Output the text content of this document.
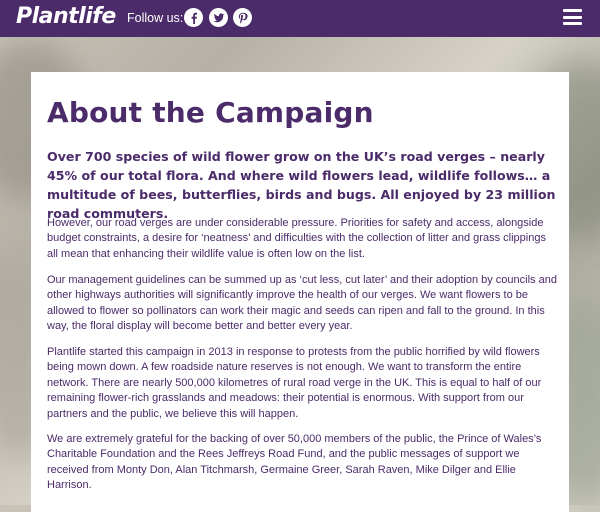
Plantlife Follow us:
About the Campaign

Over 700 species of wild flower grow on the UK’s road verges – nearly 45% of our total flora. And where wild flowers lead, wildlife follows… a multitude of bees, butterflies, birds and bugs. All enjoyed by 23 million road commuters.

However, our road verges are under considerable pressure. Priorities for safety and access, alongside budget constraints, a desire for ‘neatness’ and difficulties with the collection of litter and grass clippings all mean that enhancing their wildlife value is often low on the list.

Our management guidelines can be summed up as ‘cut less, cut later’ and their adoption by councils and other highways authorities will significantly improve the health of our verges. We want flowers to be allowed to flower so pollinators can work their magic and seeds can ripen and fall to the ground. In this way, the floral display will become better and better every year.

Plantlife started this campaign in 2013 in response to protests from the public horrified by wild flowers being mown down. A few roadside nature reserves is not enough. We want to transform the entire network. There are nearly 500,000 kilometres of rural road verge in the UK. This is equal to half of our remaining flower-rich grasslands and meadows: their potential is enormous. With support from our partners and the public, we believe this will happen.

We are extremely grateful for the backing of over 50,000 members of the public, the Prince of Wales’s Charitable Foundation and the Rees Jeffreys Road Fund, and the public messages of support we received from Monty Don, Alan Titchmarsh, Germaine Greer, Sarah Raven, Mike Dilger and Ellie Harrison.
